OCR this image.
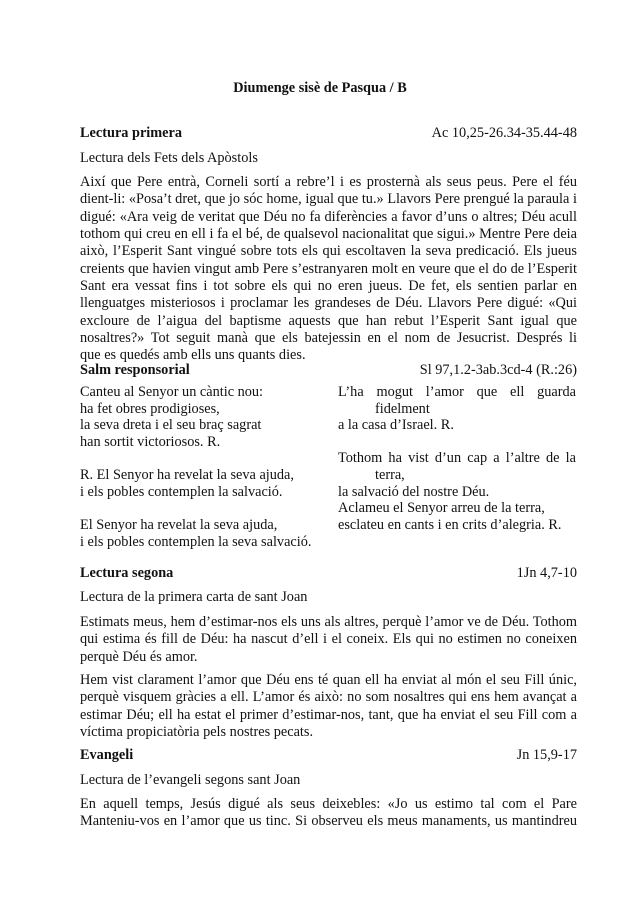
Diumenge sisè de Pasqua / B
Lectura primera	Ac 10,25-26.34-35.44-48
Lectura dels Fets dels Apòstols
Així que Pere entrà, Corneli sortí a rebre’l i es prosternà als seus peus. Pere el féu
dient-li: «Posa’t dret, que jo sóc home, igual que tu.» Llavors Pere prengué la paraula i
digué: «Ara veig de veritat que Déu no fa diferències a favor d’uns o altres; Déu acull
tothom qui creu en ell i fa el bé, de qualsevol nacionalitat que sigui.» Mentre Pere deia
això, l’Esperit Sant vingué sobre tots els qui escoltaven la seva predicació. Els jueus
creients que havien vingut amb Pere s’estranyaren molt en veure que el do de l’Esperit
Sant era vessat fins i tot sobre els qui no eren jueus. De fet, els sentien parlar en
llenguatges misteriosos i proclamar les grandeses de Déu. Llavors Pere digué: «Qui
excloure de l’aigua del baptisme aquests que han rebut l’Esperit Sant igual que
nosaltres?» Tot seguit manà que els batejessin en el nom de Jesucrist. Després li
que es quedés amb ells uns quants dies.
Salm responsorial	Sl 97,1.2-3ab.3cd-4 (R.:26)
Canteu al Senyor un càntic nou:
ha fet obres prodigioses,
la seva dreta i el seu braç sagrat
han sortit victoriosos. R.
R. El Senyor ha revelat la seva ajuda,
i els pobles contemplen la salvació.
El Senyor ha revelat la seva ajuda,
i els pobles contemplen la seva salvació.
L’ha mogut l’amor que ell guarda
fidelment
a la casa d’Israel. R.
Tothom ha vist d’un cap a l’altre de la
terra,
la salvació del nostre Déu.
Aclameu el Senyor arreu de la terra,
esclateu en cants i en crits d’alegria. R.
Lectura segona	1Jn 4,7-10
Lectura de la primera carta de sant Joan
Estimats meus, hem d’estimar-nos els uns als altres, perquè l’amor ve de Déu. Tothom
qui estima és fill de Déu: ha nascut d’ell i el coneix. Els qui no estimen no coneixen
perquè Déu és amor.
Hem vist clarament l’amor que Déu ens té quan ell ha enviat al món el seu Fill únic,
perquè visquem gràcies a ell. L’amor és això: no som nosaltres qui ens hem avançat a
estimar Déu; ell ha estat el primer d’estimar-nos, tant, que ha enviat el seu Fill com a
víctima propiciatòria pels nostres pecats.
Evangeli	Jn 15,9-17
Lectura de l’evangeli segons sant Joan
En aquell temps, Jesús digué als seus deixebles: «Jo us estimo tal com el Pare
Manteniu-vos en l’amor que us tinc. Si observeu els meus manaments, us mantindreu
